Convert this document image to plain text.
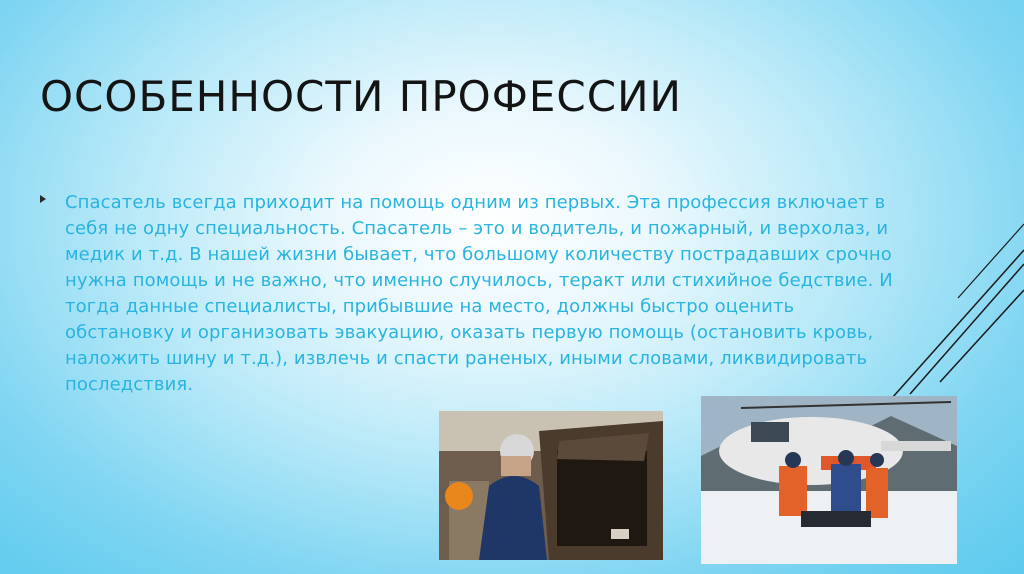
ОСОБЕННОСТИ ПРОФЕССИИ

Спасатель всегда приходит на помощь одним из первых. Эта профессия включает в себя не одну специальность. Спасатель – это и водитель, и пожарный, и верхолаз, и медик и т.д. В нашей жизни бывает, что большому количеству пострадавших срочно нужна помощь и не важно, что именно случилось, теракт или стихийное бедствие. И тогда данные специалисты, прибывшие на место, должны быстро оценить обстановку и организовать эвакуацию, оказать первую помощь (остановить кровь, наложить шину и т.д.), извлечь и спасти раненых, иными словами, ликвидировать последствия.
